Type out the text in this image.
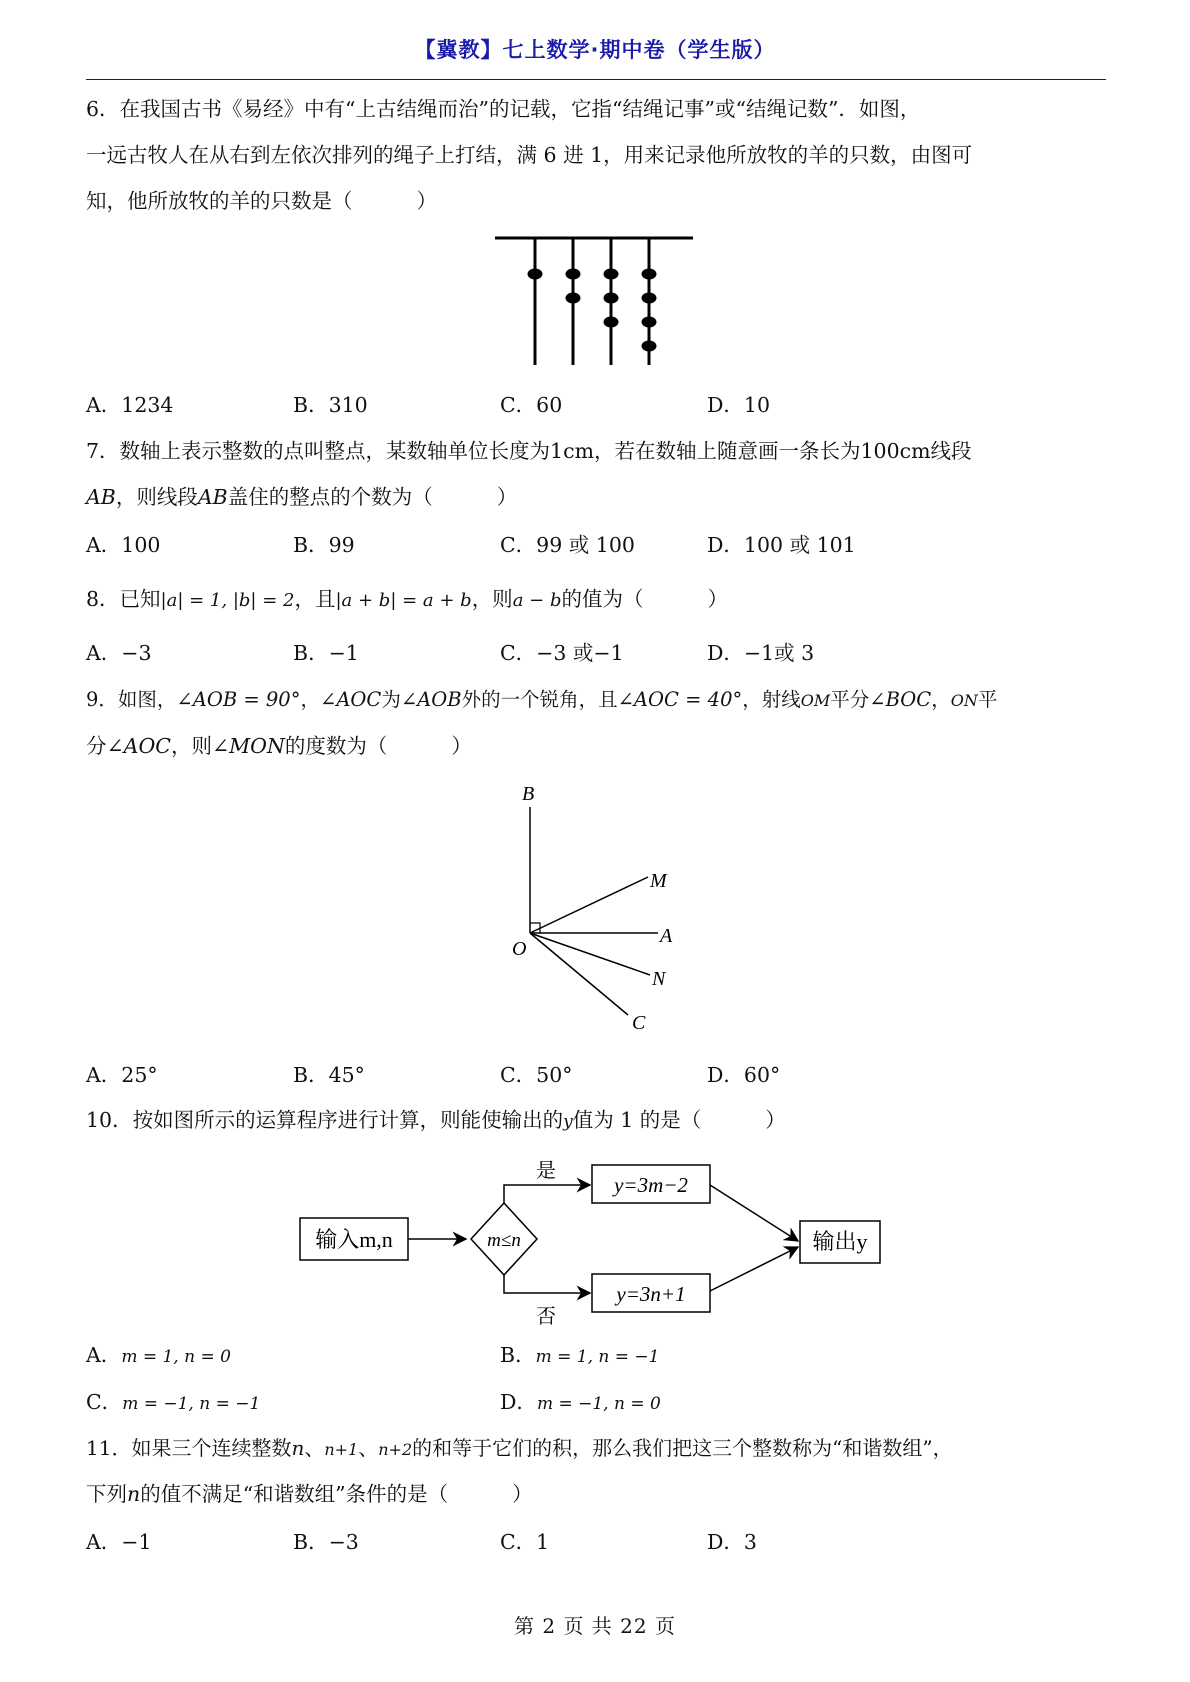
【冀教】七上数学·期中卷（学生版）
6．在我国古书《易经》中有“上古结绳而治”的记载，它指“结绳记事”或“结绳记数”．如图，
一远古牧人在从右到左依次排列的绳子上打结，满 6 进 1，用来记录他所放牧的羊的只数，由图可
知，他所放牧的羊的只数是（	）
A．1234	B．310	C．60	D．10
7．数轴上表示整数的点叫整点，某数轴单位长度为1cm，若在数轴上随意画一条长为100cm线段
AB，则线段AB盖住的整点的个数为（	）
A．100	B．99	C．99 或 100	D．100 或 101
8．已知|a| = 1, |b| = 2，且|a + b| = a + b，则a − b的值为（	）
A．−3	B．−1	C．−3 或−1	D．−1或 3
9．如图，∠AOB = 90°，∠AOC为∠AOB外的一个锐角，且∠AOC = 40°，射线OM平分∠BOC，ON平
分∠AOC，则∠MON的度数为（	）
B
M
A
O
N
C
A．25°	B．45°	C．50°	D．60°
10．按如图所示的运算程序进行计算，则能使输出的y值为 1 的是（	）
输入m,n	m≤n
是
否
y=3m−2
y=3n+1
输出y
A．m = 1, n = 0	B．m = 1, n = −1
C．m = −1, n = −1	D．m = −1, n = 0
11．如果三个连续整数n、n+1、n+2的和等于它们的积，那么我们把这三个整数称为“和谐数组”，
下列n的值不满足“和谐数组”条件的是（	）
A．−1	B．−3	C．1	D．3
第 2 页 共 22 页
